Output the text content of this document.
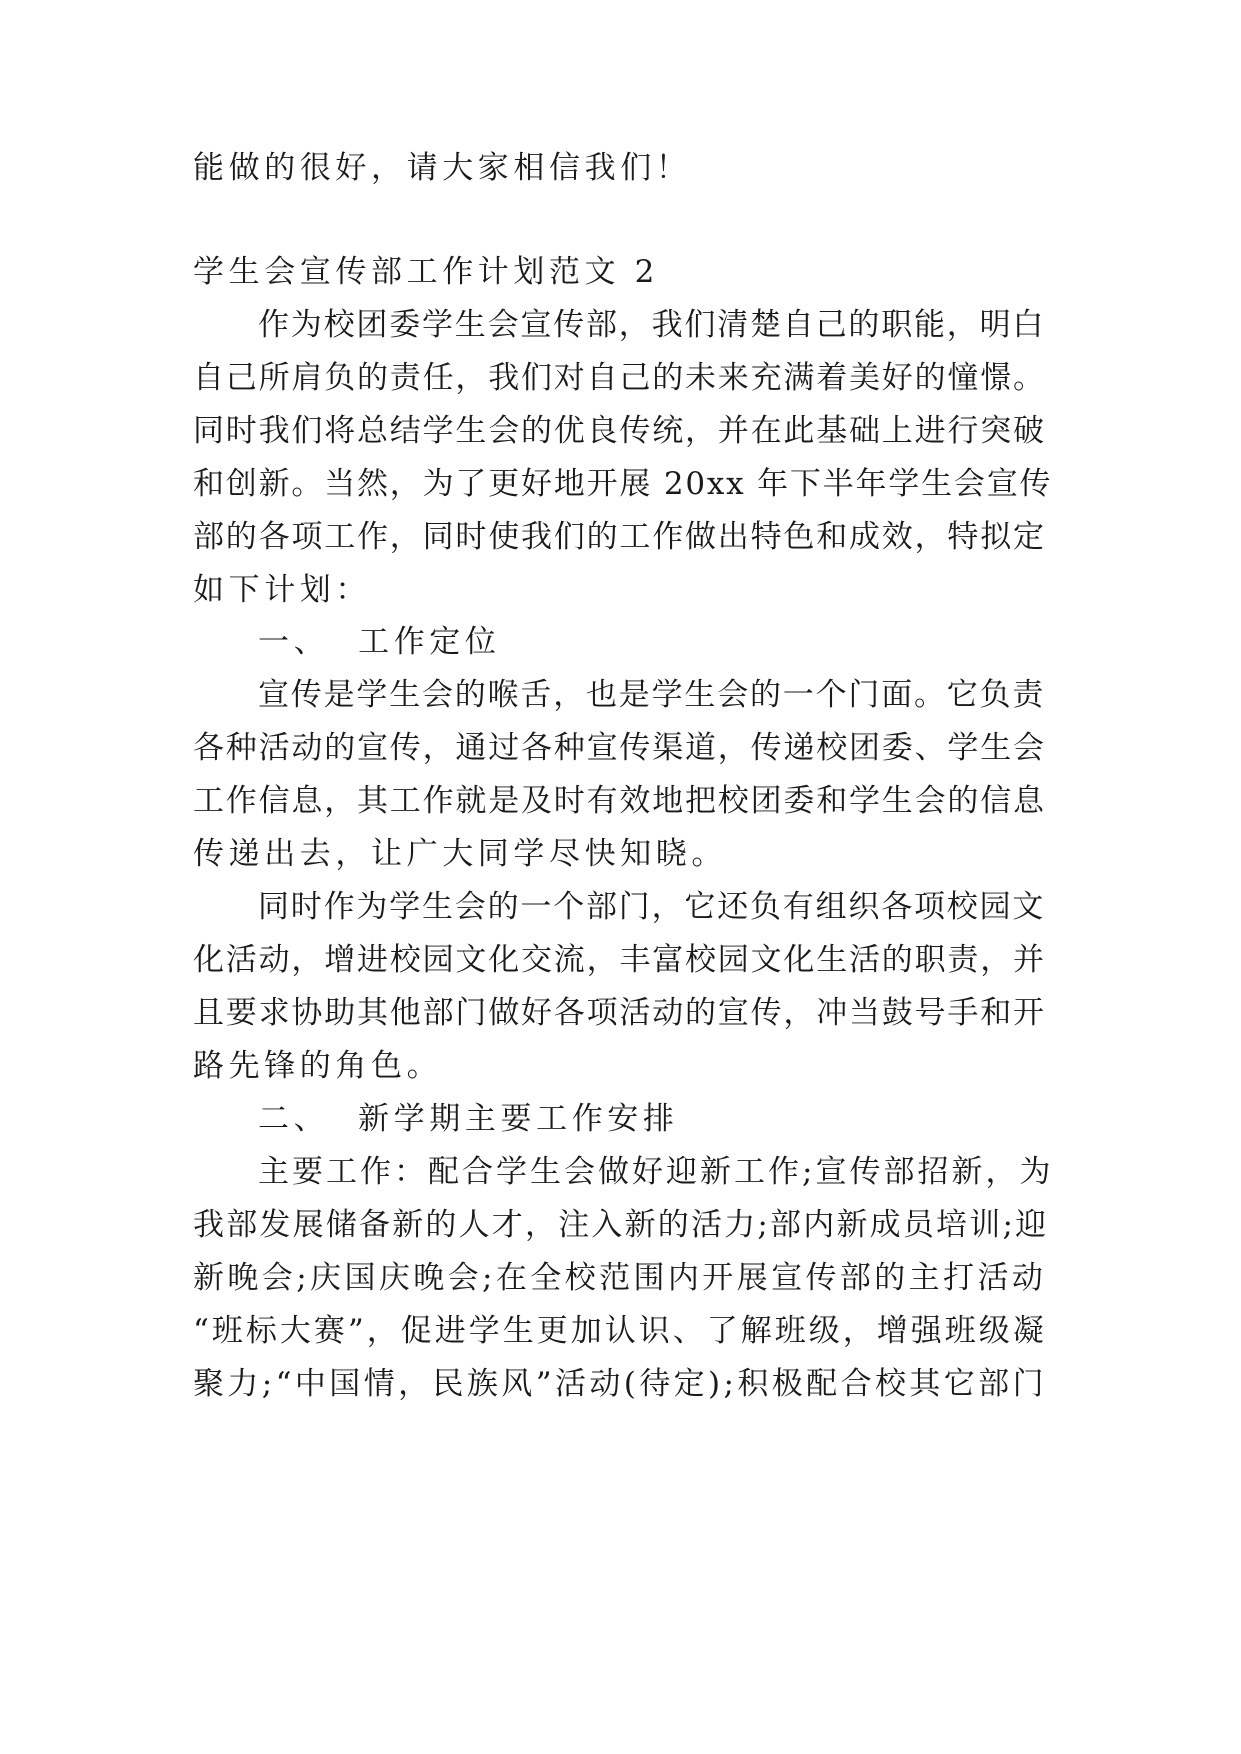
能做的很好，请大家相信我们！
学生会宣传部工作计划范文 2
作为校团委学生会宣传部，我们清楚自己的职能，明白
自己所肩负的责任，我们对自己的未来充满着美好的憧憬。
同时我们将总结学生会的优良传统，并在此基础上进行突破
和创新。当然，为了更好地开展 20xx 年下半年学生会宣传
部的各项工作，同时使我们的工作做出特色和成效，特拟定
如下计划：
一、  工作定位
宣传是学生会的喉舌，也是学生会的一个门面。它负责
各种活动的宣传，通过各种宣传渠道，传递校团委、学生会
工作信息，其工作就是及时有效地把校团委和学生会的信息
传递出去，让广大同学尽快知晓。
同时作为学生会的一个部门，它还负有组织各项校园文
化活动，增进校园文化交流，丰富校园文化生活的职责，并
且要求协助其他部门做好各项活动的宣传，冲当鼓号手和开
路先锋的角色。
二、  新学期主要工作安排
主要工作：配合学生会做好迎新工作;宣传部招新，为
我部发展储备新的人才，注入新的活力;部内新成员培训;迎
新晚会;庆国庆晚会;在全校范围内开展宣传部的主打活动
“班标大赛”，促进学生更加认识、了解班级，增强班级凝
聚力;“中国情，民族风”活动(待定);积极配合校其它部门
